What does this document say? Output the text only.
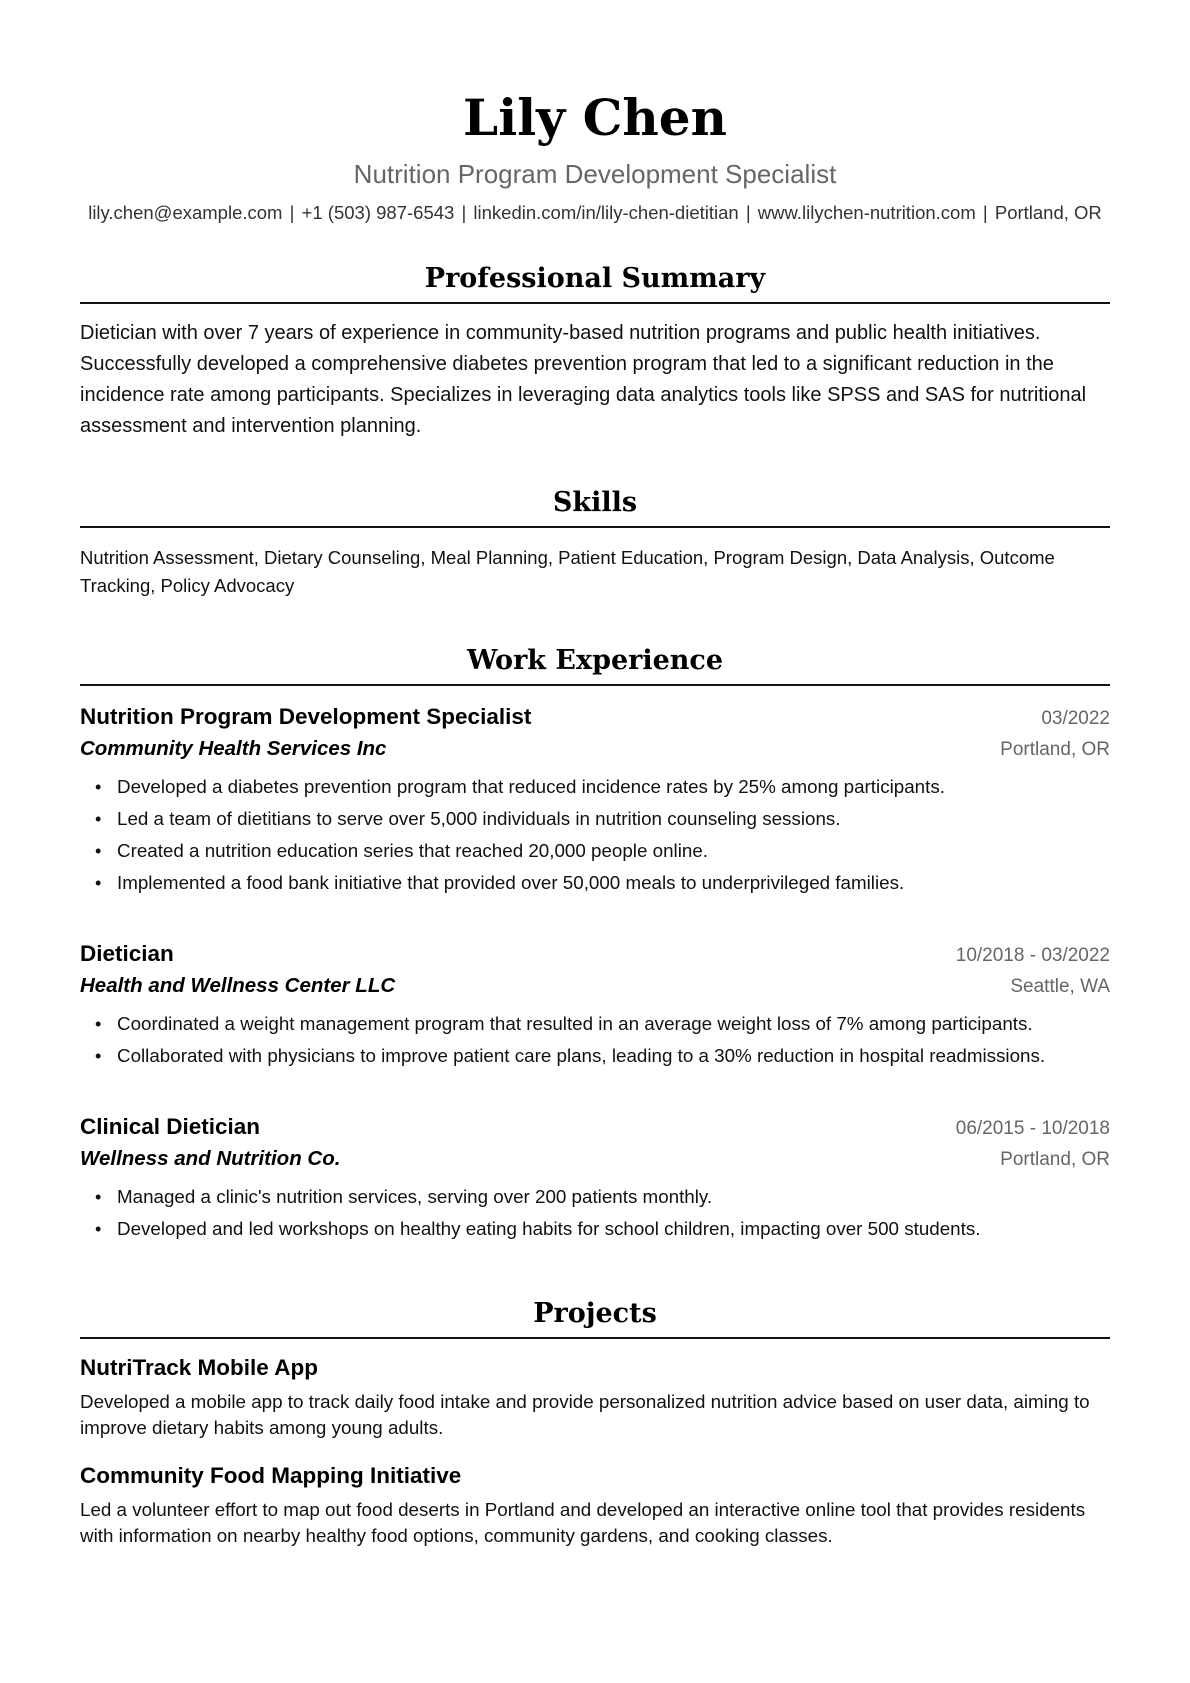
Lily Chen
Nutrition Program Development Specialist
lily.chen@example.com | +1 (503) 987-6543 | linkedin.com/in/lily-chen-dietitian | www.lilychen-nutrition.com | Portland, OR
Professional Summary

Dietician with over 7 years of experience in community-based nutrition programs and public health initiatives. Successfully developed a comprehensive diabetes prevention program that led to a significant reduction in the incidence rate among participants. Specializes in leveraging data analytics tools like SPSS and SAS for nutritional assessment and intervention planning.

Skills

Nutrition Assessment, Dietary Counseling, Meal Planning, Patient Education, Program Design, Data Analysis, Outcome Tracking, Policy Advocacy

Work Experience
Nutrition Program Development Specialist	03/2022
Community Health Services Inc	Portland, OR
• Developed a diabetes prevention program that reduced incidence rates by 25% among participants.
• Led a team of dietitians to serve over 5,000 individuals in nutrition counseling sessions.
• Created a nutrition education series that reached 20,000 people online.
• Implemented a food bank initiative that provided over 50,000 meals to underprivileged families.
Dietician	10/2018 - 03/2022
Health and Wellness Center LLC	Seattle, WA
• Coordinated a weight management program that resulted in an average weight loss of 7% among participants.
• Collaborated with physicians to improve patient care plans, leading to a 30% reduction in hospital readmissions.
Clinical Dietician	06/2015 - 10/2018
Wellness and Nutrition Co.	Portland, OR
• Managed a clinic's nutrition services, serving over 200 patients monthly.
• Developed and led workshops on healthy eating habits for school children, impacting over 500 students.
Projects
NutriTrack Mobile App

Developed a mobile app to track daily food intake and provide personalized nutrition advice based on user data, aiming to improve dietary habits among young adults.

Community Food Mapping Initiative

Led a volunteer effort to map out food deserts in Portland and developed an interactive online tool that provides residents with information on nearby healthy food options, community gardens, and cooking classes.
